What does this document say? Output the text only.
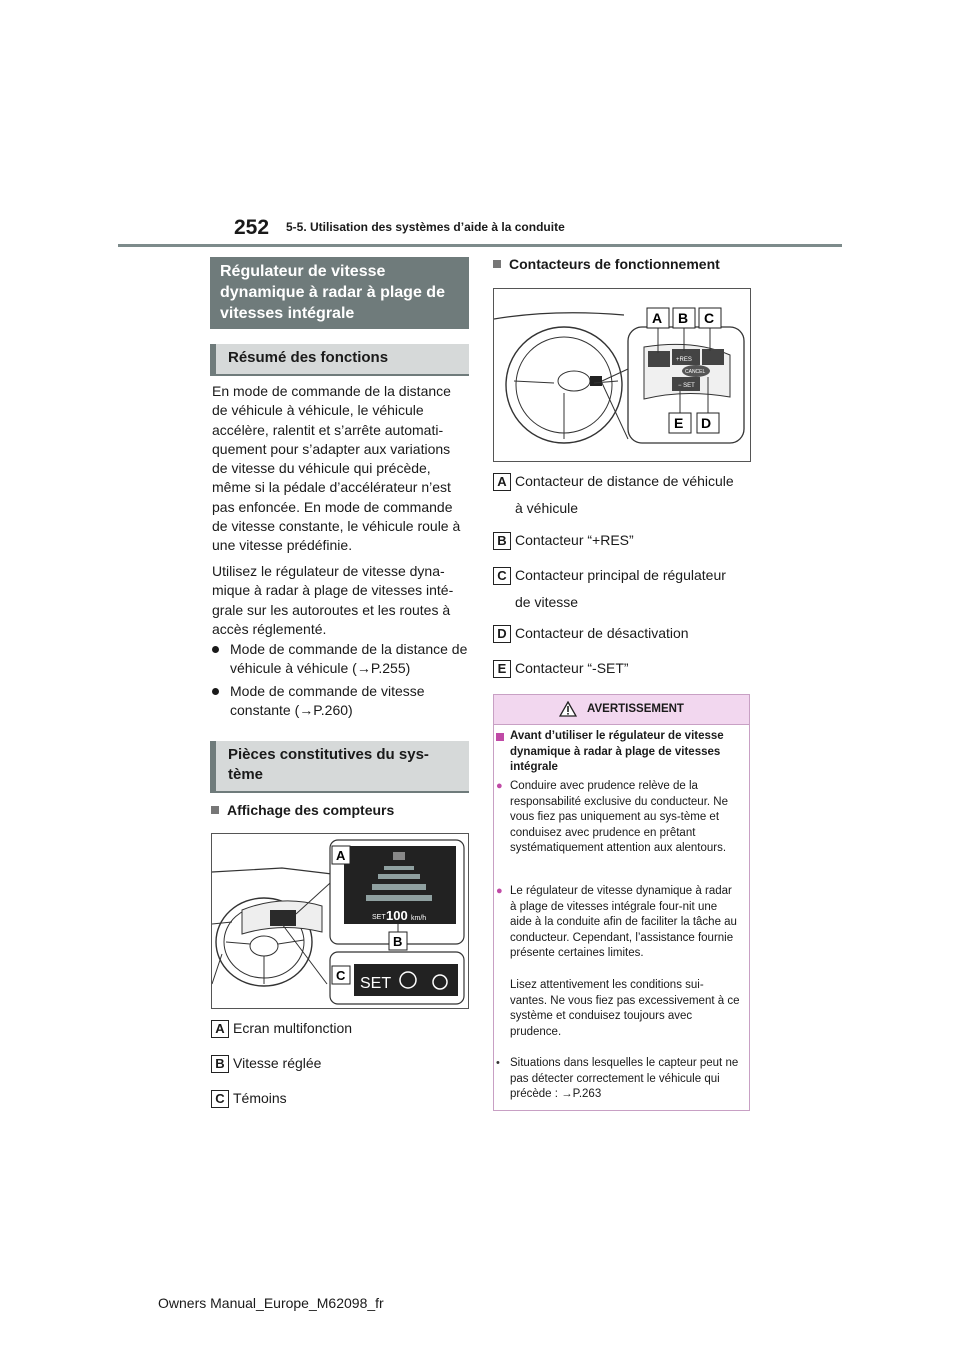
252 5-5. Utilisation des systèmes d’aide à la conduite
Régulateur de vitesse dynamique à radar à plage de vitesses intégrale
Résumé des fonctions

En mode de commande de la distance de véhicule à véhicule, le véhicule accélère, ralentit et s’arrête automati-quement pour s’adapter aux variations de vitesse du véhicule qui précède, même si la pédale d’accélérateur n’est pas enfoncée. En mode de commande de vitesse constante, le véhicule roule à une vitesse prédéfinie.

Utilisez le régulateur de vitesse dyna-mique à radar à plage de vitesses inté-grale sur les autoroutes et les routes à accès réglementé.

Mode de commande de la distance de véhicule à véhicule (→P.255)
Mode de commande de vitesse constante (→P.260)
Pièces constitutives du sys-tème
Affichage des compteurs
SET 100 km/h
SET
A
B
C
A Ecran multifonction
B Vitesse réglée
C Témoins
Contacteurs de fonctionnement
+RES
CANCEL
− SET
A B C
E D
A Contacteur de distance de véhicule
à véhicule
B Contacteur “+RES”
C Contacteur principal de régulateur
de vitesse
D Contacteur de désactivation
E Contacteur “-SET”
AVERTISSEMENT

Avant d’utiliser le régulateur de vitesse dynamique à radar à plage de vitesses intégrale

● Conduire avec prudence relève de la responsabilité exclusive du conducteur. Ne vous fiez pas uniquement au sys-tème et conduisez avec prudence en prêtant systématiquement attention aux alentours.

● Le régulateur de vitesse dynamique à radar à plage de vitesses intégrale four-nit une aide à la conduite afin de faciliter la tâche au conducteur. Cependant, l’assistance fournie présente certaines limites.

Lisez attentivement les conditions sui-vantes. Ne vous fiez pas excessivement à ce système et conduisez toujours avec prudence.

• Situations dans lesquelles le capteur peut ne pas détecter correctement le véhicule qui précède : →P.263

Owners Manual_Europe_M62098_fr
